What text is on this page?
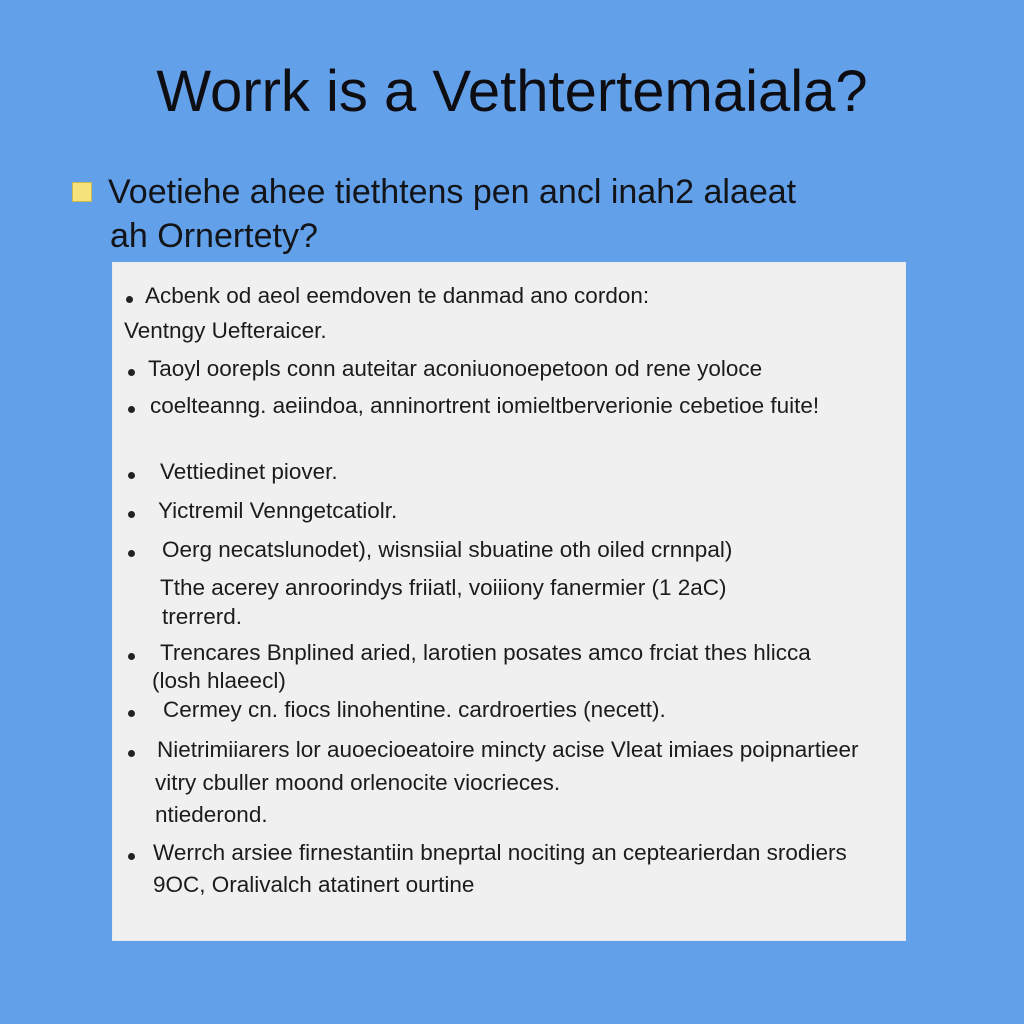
Worrk is a Vethtertemaiala?
Voetiehe ahee tiethtens pen ancl inah2 alaeat
ah Ornertety?
Acbenk od aeol eemdoven te danmad ano cordon:
Ventngy Uefteraicer.
Taoyl oorepls conn auteitar aconiuonoepetoon od rene yoloce
coelteanng. aeiindoa, anninortrent iomieltberverionie cebetioe fuite!
Vettiedinet piover.
Yictremil Venngetcatiolr.
Oerg necatslunodet), wisnsiial sbuatine oth oiled crnnpal)
Tthe acerey anroorindys friiatl, voiiiony fanermier (1 2aC)
trerrerd.
Trencares Bnplined aried, larotien posates amco frciat thes hlicca
(losh hlaeecl)
Cermey cn. fiocs linohentine. cardroerties (necett).
Nietrimiiarers lor auoecioeatoire mincty acise Vleat imiaes poipnartieer
vitry cbuller moond orlenocite viocrieces.
ntiederond.
Werrch arsiee firnestantiin bneprtal nociting an ceptearierdan srodiers
9OC, Oralivalch atatinert ourtine
